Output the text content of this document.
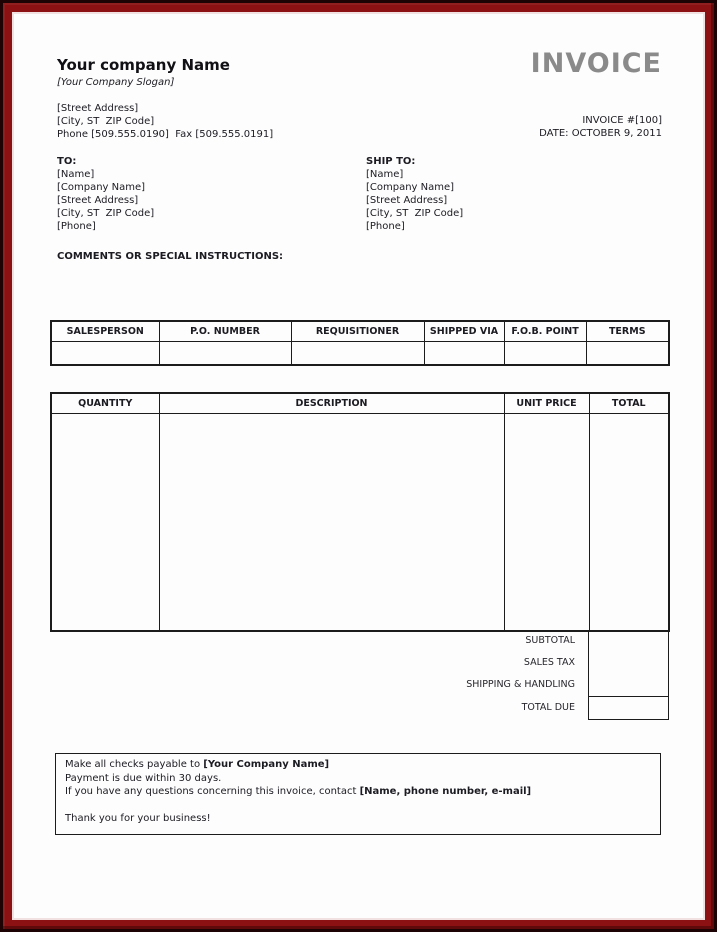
Your company Name
[Your Company Slogan]
[Street Address]
[City, ST  ZIP Code]
Phone [509.555.0190]  Fax [509.555.0191]
INVOICE
INVOICE #[100]
DATE: OCTOBER 9, 2011
TO:
[Name]
[Company Name]
[Street Address]
[City, ST  ZIP Code]
[Phone]
SHIP TO:
[Name]
[Company Name]
[Street Address]
[City, ST  ZIP Code]
[Phone]
COMMENTS OR SPECIAL INSTRUCTIONS:
SALESPERSON	P.O. NUMBER	REQUISITIONER	SHIPPED VIA	F.O.B. POINT	TERMS

QUANTITY	DESCRIPTION	UNIT PRICE	TOTAL

SUBTOTAL
SALES TAX
SHIPPING & HANDLING
TOTAL DUE
Make all checks payable to [Your Company Name]
Payment is due within 30 days.
If you have any questions concerning this invoice, contact [Name, phone number, e-mail]
Thank you for your business!
